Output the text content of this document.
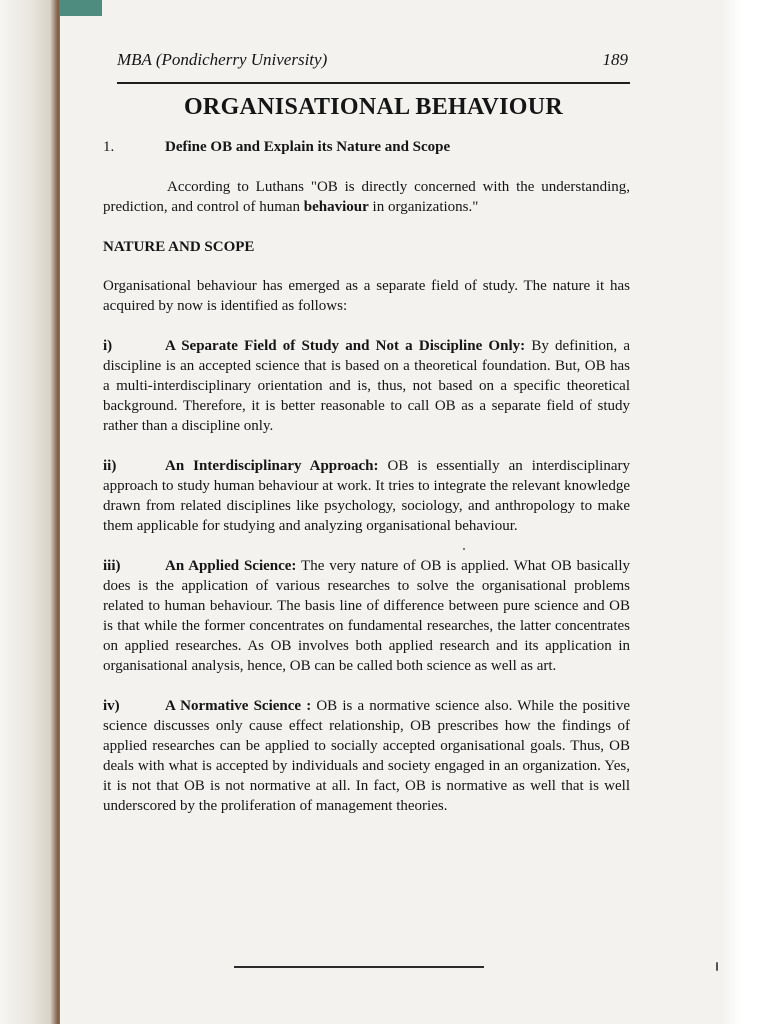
MBA (Pondicherry University)	189
ORGANISATIONAL BEHAVIOUR
1.	Define OB and Explain its Nature and Scope

According to Luthans "OB is directly concerned with the understanding, prediction, and control of human behaviour in organizations."

NATURE AND SCOPE

Organisational behaviour has emerged as a separate field of study. The nature it has acquired by now is identified as follows:

i)	A Separate Field of Study and Not a Discipline Only: By definition, a discipline is an accepted science that is based on a theoretical foundation. But, OB has a multi-interdisciplinary orientation and is, thus, not based on a specific theoretical background. Therefore, it is better reasonable to call OB as a separate field of study rather than a discipline only.

ii)	An Interdisciplinary Approach: OB is essentially an interdisciplinary approach to study human behaviour at work. It tries to integrate the relevant knowledge drawn from related disciplines like psychology, sociology, and anthropology to make them applicable for studying and analyzing organisational behaviour.

iii)	An Applied Science: The very nature of OB is applied. What OB basically does is the application of various researches to solve the organisational problems related to human behaviour. The basis line of difference between pure science and OB is that while the former concentrates on fundamental researches, the latter concentrates on applied researches. As OB involves both applied research and its application in organisational analysis, hence, OB can be called both science as well as art.

iv)	A Normative Science : OB is a normative science also. While the positive science discusses only cause effect relationship, OB prescribes how the findings of applied researches can be applied to socially accepted organisational goals. Thus, OB deals with what is accepted by individuals and society engaged in an organization. Yes, it is not that OB is not normative at all. In fact, OB is normative as well that is well underscored by the proliferation of management theories.
